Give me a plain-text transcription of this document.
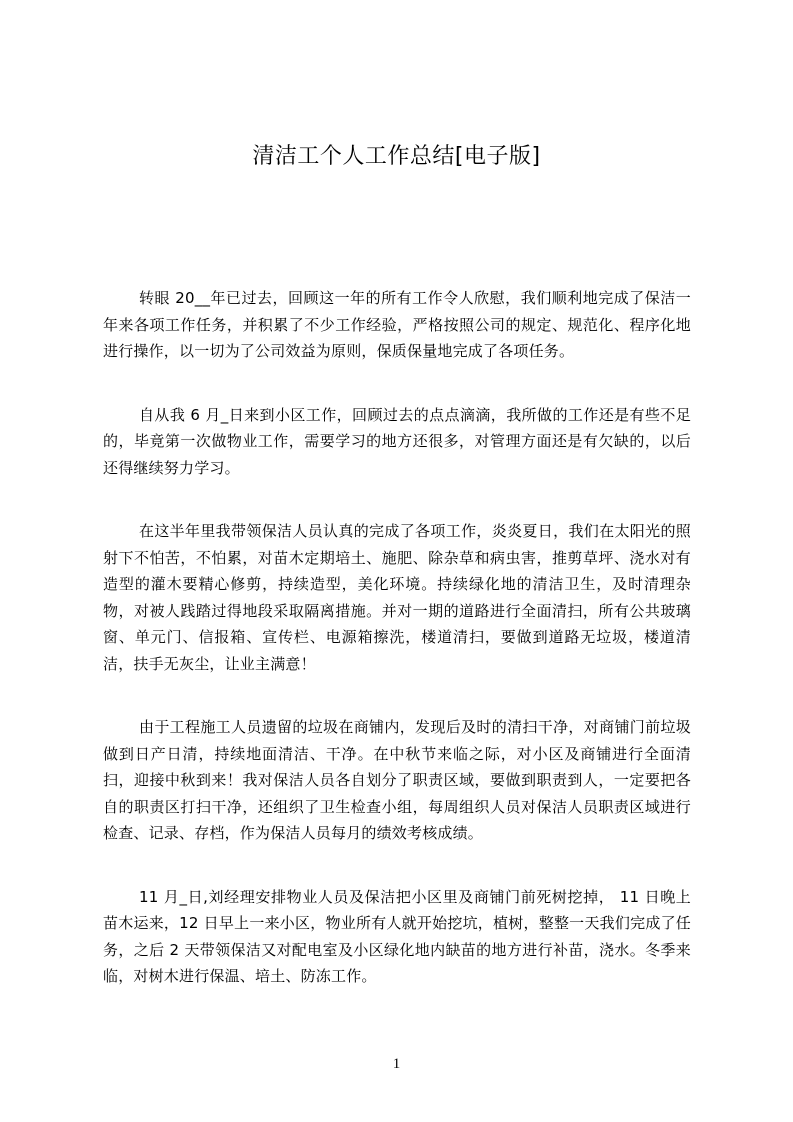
清洁工个人工作总结[电子版]

转眼 20__年已过去，回顾这一年的所有工作令人欣慰，我们顺利地完成了保洁一年来各项工作任务，并积累了不少工作经验，严格按照公司的规定、规范化、程序化地进行操作，以一切为了公司效益为原则，保质保量地完成了各项任务。

自从我 6 月_日来到小区工作，回顾过去的点点滴滴，我所做的工作还是有些不足的，毕竟第一次做物业工作，需要学习的地方还很多，对管理方面还是有欠缺的，以后还得继续努力学习。

在这半年里我带领保洁人员认真的完成了各项工作，炎炎夏日，我们在太阳光的照射下不怕苦，不怕累，对苗木定期培土、施肥、除杂草和病虫害，推剪草坪、浇水对有造型的灌木要精心修剪，持续造型，美化环境。持续绿化地的清洁卫生，及时清理杂物，对被人践踏过得地段采取隔离措施。并对一期的道路进行全面清扫，所有公共玻璃窗、单元门、信报箱、宣传栏、电源箱擦洗，楼道清扫，要做到道路无垃圾，楼道清洁，扶手无灰尘，让业主满意！

由于工程施工人员遗留的垃圾在商铺内，发现后及时的清扫干净，对商铺门前垃圾做到日产日清，持续地面清洁、干净。在中秋节来临之际，对小区及商铺进行全面清扫，迎接中秋到来！我对保洁人员各自划分了职责区域，要做到职责到人，一定要把各自的职责区打扫干净，还组织了卫生检查小组，每周组织人员对保洁人员职责区域进行检查、记录、存档，作为保洁人员每月的绩效考核成绩。

11 月_日,刘经理安排物业人员及保洁把小区里及商铺门前死树挖掉， 11 日晚上苗木运来，12 日早上一来小区，物业所有人就开始挖坑，植树，整整一天我们完成了任务，之后 2 天带领保洁又对配电室及小区绿化地内缺苗的地方进行补苗，浇水。冬季来临，对树木进行保温、培土、防冻工作。

1
